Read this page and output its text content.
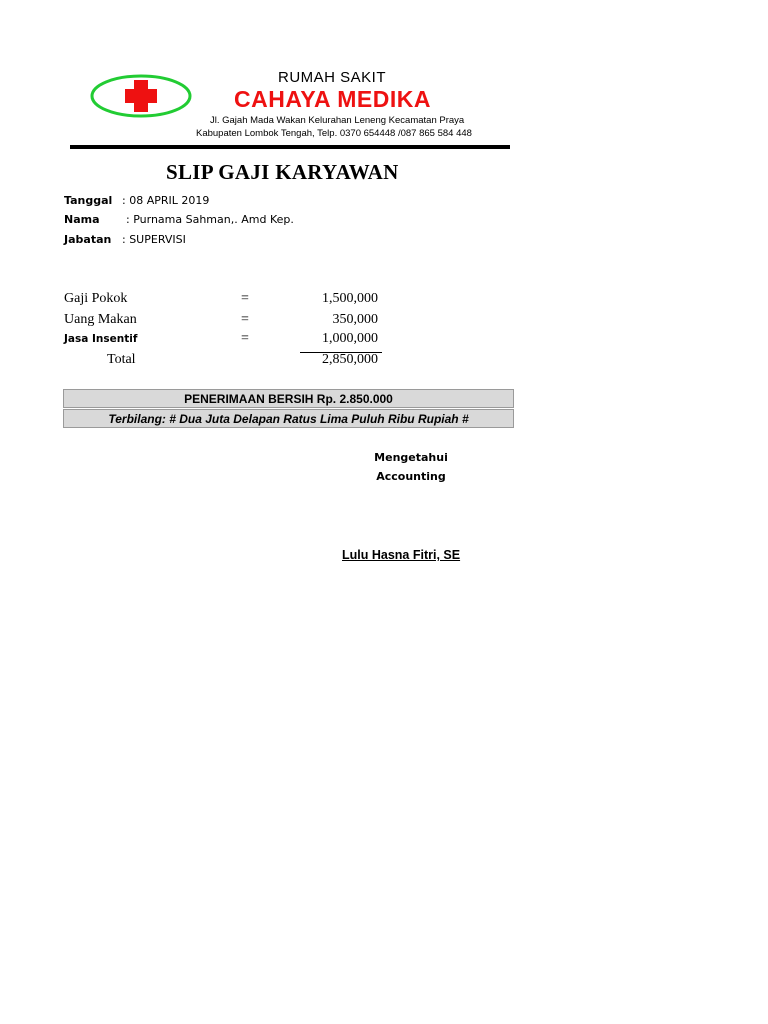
RUMAH SAKIT
CAHAYA MEDIKA
Jl. Gajah Mada Wakan Kelurahan Leneng Kecamatan Praya
Kabupaten Lombok Tengah, Telp. 0370 654448 /087 865 584 448
SLIP GAJI KARYAWAN
Tanggal : 08 APRIL 2019
Nama : Purnama Sahman,. Amd Kep.
Jabatan : SUPERVISI
Gaji Pokok	=	1,500,000
Uang Makan	=	350,000
Jasa Insentif	=	1,000,000
Total	2,850,000
PENERIMAAN BERSIH Rp. 2.850.000
Terbilang: # Dua Juta Delapan Ratus Lima Puluh Ribu Rupiah #
Mengetahui
Accounting
Lulu Hasna Fitri, SE
